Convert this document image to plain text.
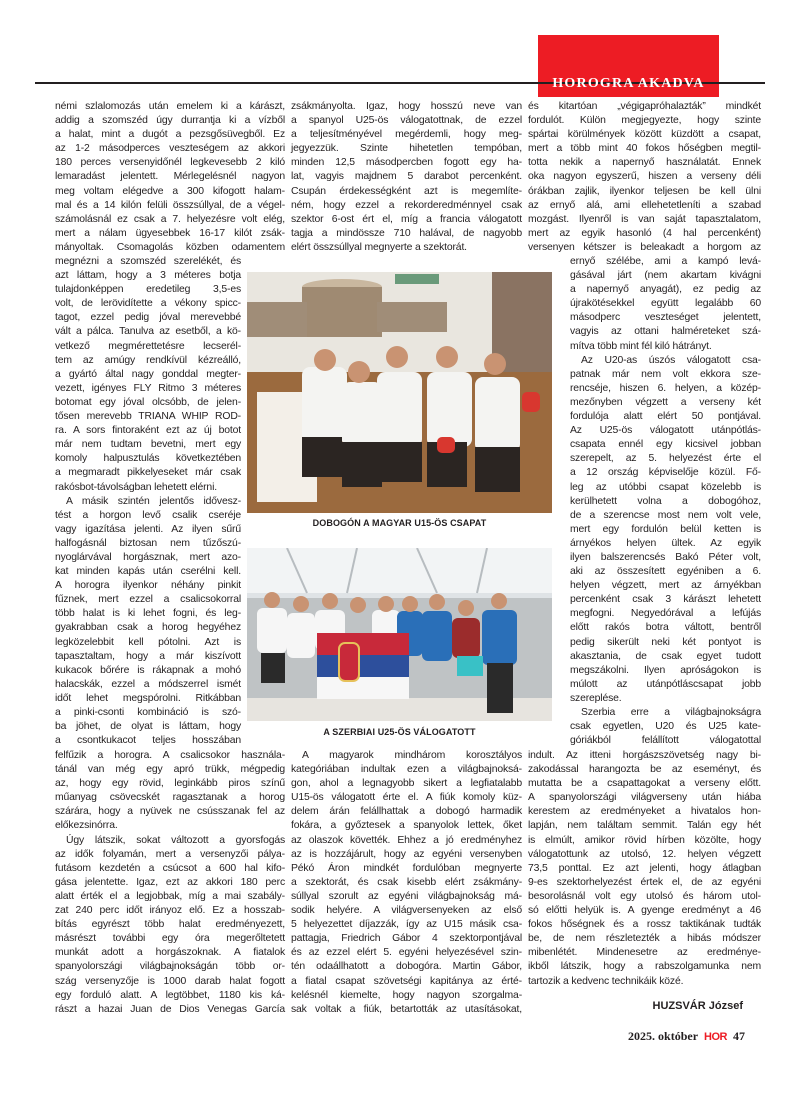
HOROGRA AKADVA
némi szlalomozás után emelem ki a kárászt,
addig a szomszéd úgy durrantja ki a vízből
a halat, mint a dugót a pezsgősüvegből. Ez
az 1-2 másodperces veszteségem az akkori
180 perces versenyidőnél legkevesebb 2 kiló
lemaradást jelentett. Mérlegelésnél nagyon
meg voltam elégedve a 300 kifogott halam-
mal és a 14 kilón felüli összsúllyal, de a végel-
számolásnál ez csak a 7. helyezésre volt elég,
mert a nálam ügyesebbek 16-17 kilót zsák-
mányoltak. Csomagolás közben odamentem
megnézni a szomszéd szerelékét, és
azt láttam, hogy a 3 méteres botja
tulajdonképpen eredetileg 3,5-es
volt, de lerövidítette a vékony spicc-
tagot, ezzel pedig jóval merevebbé
vált a pálca. Tanulva az esetből, a kö-
vetkező megmérettetésre lecserél-
tem az amúgy rendkívül kézreálló,
a gyártó által nagy gonddal megter-
vezett, igényes FLY Ritmo 3 méteres
botomat egy jóval olcsóbb, de jelen-
tősen merevebb TRIANA WHIP ROD-
ra. A sors fintoraként ezt az új botot
már nem tudtam bevetni, mert egy
komoly halpusztulás következtében
a megmaradt pikkelyeseket már csak
rakósbot-távolságban lehetett elérni.
A másik szintén jelentős idővesz-
tést a horgon levő csalik cseréje
vagy igazítása jelenti. Az ilyen sűrű
halfogásnál biztosan nem tűzőszú-
nyoglárvával horgásznak, mert azo-
kat minden kapás után cserélni kell.
A horogra ilyenkor néhány pinkit
fűznek, mert ezzel a csalicsokorral
több halat is ki lehet fogni, és leg-
gyakrabban csak a horog hegyéhez
legközelebbit kell pótolni. Azt is
tapasztaltam, hogy a már kiszívott
kukacok bőrére is rákapnak a mohó
halacskák, ezzel a módszerrel ismét
időt lehet megspórolni. Ritkábban
a pinki-csonti kombináció is szó-
ba jöhet, de olyat is láttam, hogy
a csontkukacot teljes hosszában
felfűzik a horogra. A csalicsokor használa-
tánál van még egy apró trükk, mégpedig
az, hogy egy rövid, leginkább piros színű
műanyag csövecskét ragasztanak a horog
szárára, hogy a nyüvek ne csússzanak fel az
előkezsinórra.
Úgy látszik, sokat változott a gyorsfogás
az idők folyamán, mert a versenyzői pálya-
futásom kezdetén a csúcsot a 600 hal kifo-
gása jelentette. Igaz, ezt az akkori 180 perc
alatt érték el a legjobbak, míg a mai szabály-
zat 240 perc időt irányoz elő. Ez a hosszab-
bítás egyrészt több halat eredményezett,
másrészt további egy óra megerőltetett
munkát adott a horgászoknak. A fiatalok
spanyolországi világbajnokságán több or-
szág versenyzője is 1000 darab halat fogott
egy forduló alatt. A legtöbbet, 1180 kis ká-
rászt a hazai Juan de Dios Venegas García
zsákmányolta. Igaz, hogy hosszú neve van
a spanyol U25-ös válogatottnak, de ezzel
a teljesítményével megérdemli, hogy meg-
jegyezzük. Szinte hihetetlen tempóban,
minden 12,5 másodpercben fogott egy ha-
lat, vagyis majdnem 5 darabot percenként.
Csupán érdekességként azt is megemlíte-
ném, hogy ezzel a rekorderedménnyel csak
szektor 6-ost ért el, míg a francia válogatott
tagja a mindössze 710 halával, de nagyobb
elért összsúllyal megnyerte a szektorát.
A magyarok mindhárom korosztályos
kategóriában indultak ezen a világbajnoksá-
gon, ahol a legnagyobb sikert a legfiatalabb
U15-ös válogatott érte el. A fiúk komoly küz-
delem árán felállhattak a dobogó harmadik
fokára, a győztesek a spanyolok lettek, őket
az olaszok követték. Ehhez a jó eredményhez
az is hozzájárult, hogy az egyéni versenyben
Pékó Áron mindkét fordulóban megnyerte
a szektorát, és csak kisebb elért zsákmány-
súllyal szorult az egyéni világbajnokság má-
sodik helyére. A világversenyeken az első
5 helyezettet díjazzák, így az U15 másik csa-
pattagja, Friedrich Gábor 4 szektorpontjával
és az ezzel elért 5. egyéni helyezésével szin-
tén odaállhatott a dobogóra. Martin Gábor,
a fiatal csapat szövetségi kapitánya az érté-
kelésnél kiemelte, hogy nagyon szorgalma-
sak voltak a fiúk, betartották az utasításokat,
és kitartóan „végigapróhalazták” mindkét
fordulót. Külön megjegyezte, hogy szinte
spártai körülmények között küzdött a csapat,
mert a több mint 40 fokos hőségben megtil-
totta nekik a napernyő használatát. Ennek
oka nagyon egyszerű, hiszen a verseny déli
órákban zajlik, ilyenkor teljesen be kell ülni
az ernyő alá, ami ellehetetleníti a szabad
mozgást. Ilyenről is van saját tapasztalatom,
mert az egyik hasonló (4 hal percenként)
versenyen kétszer is beleakadt a horgom az
ernyő szélébe, ami a kampó levá-
gásával járt (nem akartam kivágni
a napernyő anyagát), ez pedig az
újrakötésekkel együtt legalább 60
másodperc veszteséget jelentett,
vagyis az ottani halméreteket szá-
mítva több mint fél kiló hátrányt.
Az U20-as úszós válogatott csa-
patnak már nem volt ekkora sze-
rencséje, hiszen 6. helyen, a közép-
mezőnyben végzett a verseny két
fordulója alatt elért 50 pontjával.
Az U25-ös válogatott utánpótlás-
csapata ennél egy kicsivel jobban
szerepelt, az 5. helyezést érte el
a 12 ország képviselője közül. Fő-
leg az utóbbi csapat közelebb is
kerülhetett volna a dobogóhoz,
de a szerencse most nem volt vele,
mert egy fordulón belül ketten is
árnyékos helyen ültek. Az egyik
ilyen balszerencsés Bakó Péter volt,
aki az összesített egyéniben a 6.
helyen végzett, mert az árnyékban
percenként csak 3 kárászt lehetett
megfogni. Negyedórával a lefújás
előtt rakós botra váltott, bentről
pedig sikerült neki két pontyot is
akasztania, de csak egyet tudott
megszákolni. Ilyen apróságokon is
múlott az utánpótláscsapat jobb
szereplése.
Szerbia erre a világbajnokságra
csak egyetlen, U20 és U25 kate-
góriákból felállított válogatottal
indult. Az itteni horgászszövetség nagy bi-
zakodással harangozta be az eseményt, és
mutatta be a csapattagokat a verseny előtt.
A spanyolországi világverseny után hiába
kerestem az eredményeket a hivatalos hon-
lapján, nem találtam semmit. Talán egy hét
is elmúlt, amikor rövid hírben közölte, hogy
válogatottunk az utolsó, 12. helyen végzett
73,5 ponttal. Ez azt jelenti, hogy átlagban
9-es szektorhelyezést értek el, de az egyéni
besorolásnál volt egy utolsó és három utol-
só előtti helyük is. A gyenge eredményt a 46
fokos hőségnek és a rossz taktikának tudták
be, de nem részletezték a hibás módszer
mibenlétét. Mindenesetre az eredménye-
ikből látszik, hogy a rabszolgamunka nem
tartozik a kedvenc technikáik közé.
DOBOGÓN A MAGYAR U15-ÖS CSAPAT
A SZERBIAI U25-ÖS VÁLOGATOTT
HUZSVÁR József
2025. október HOR 47
